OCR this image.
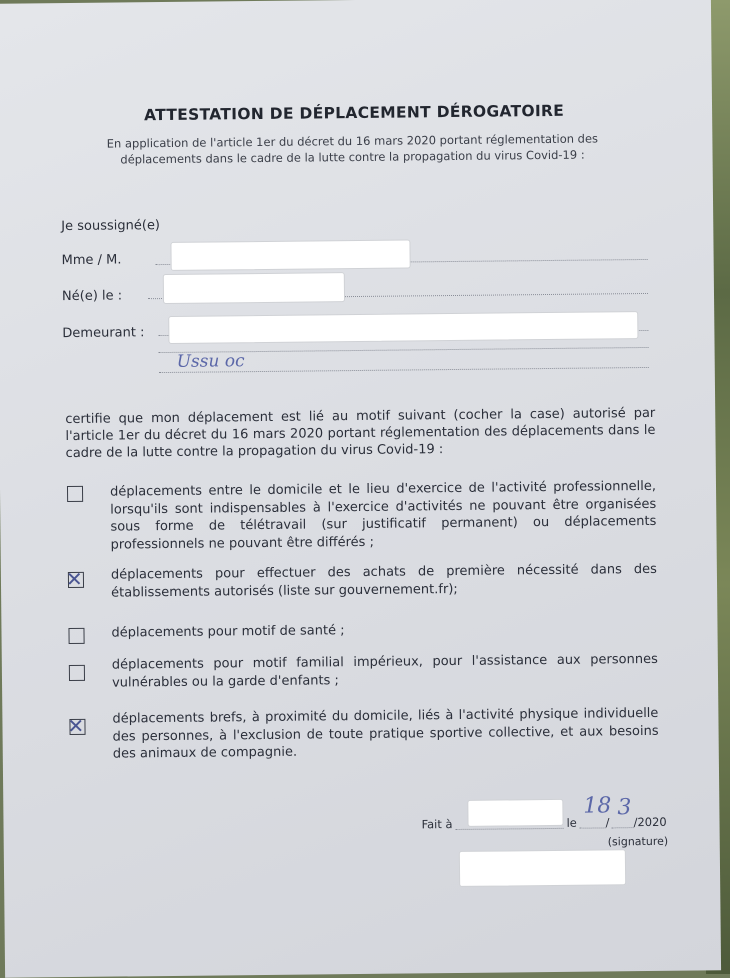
ATTESTATION DE DÉPLACEMENT DÉROGATOIRE
En application de l'article 1er du décret du 16 mars 2020 portant réglementation des déplacements dans le cadre de la lutte contre la propagation du virus Covid-19 :
Je soussigné(e)
Mme / M.
Né(e) le :
Demeurant :
Ussu oc
certifie que mon déplacement est lié au motif suivant (cocher la case) autorisé par l'article 1er du décret du 16 mars 2020 portant réglementation des déplacements dans le cadre de la lutte contre la propagation du virus Covid-19 :
déplacements entre le domicile et le lieu d'exercice de l'activité professionnelle, lorsqu'ils sont indispensables à l'exercice d'activités ne pouvant être organisées sous forme de télétravail (sur justificatif permanent) ou déplacements professionnels ne pouvant être différés ;
✕ déplacements pour effectuer des achats de première nécessité dans des établissements autorisés (liste sur gouvernement.fr);
déplacements pour motif de santé ;
déplacements pour motif familial impérieux, pour l'assistance aux personnes vulnérables ou la garde d'enfants ;
✕ déplacements brefs, à proximité du domicile, liés à l'activité physique individuelle des personnes, à l'exclusion de toute pratique sportive collective, et aux besoins des animaux de compagnie.
Fait à	le
18
/
3
/2020
(signature)
